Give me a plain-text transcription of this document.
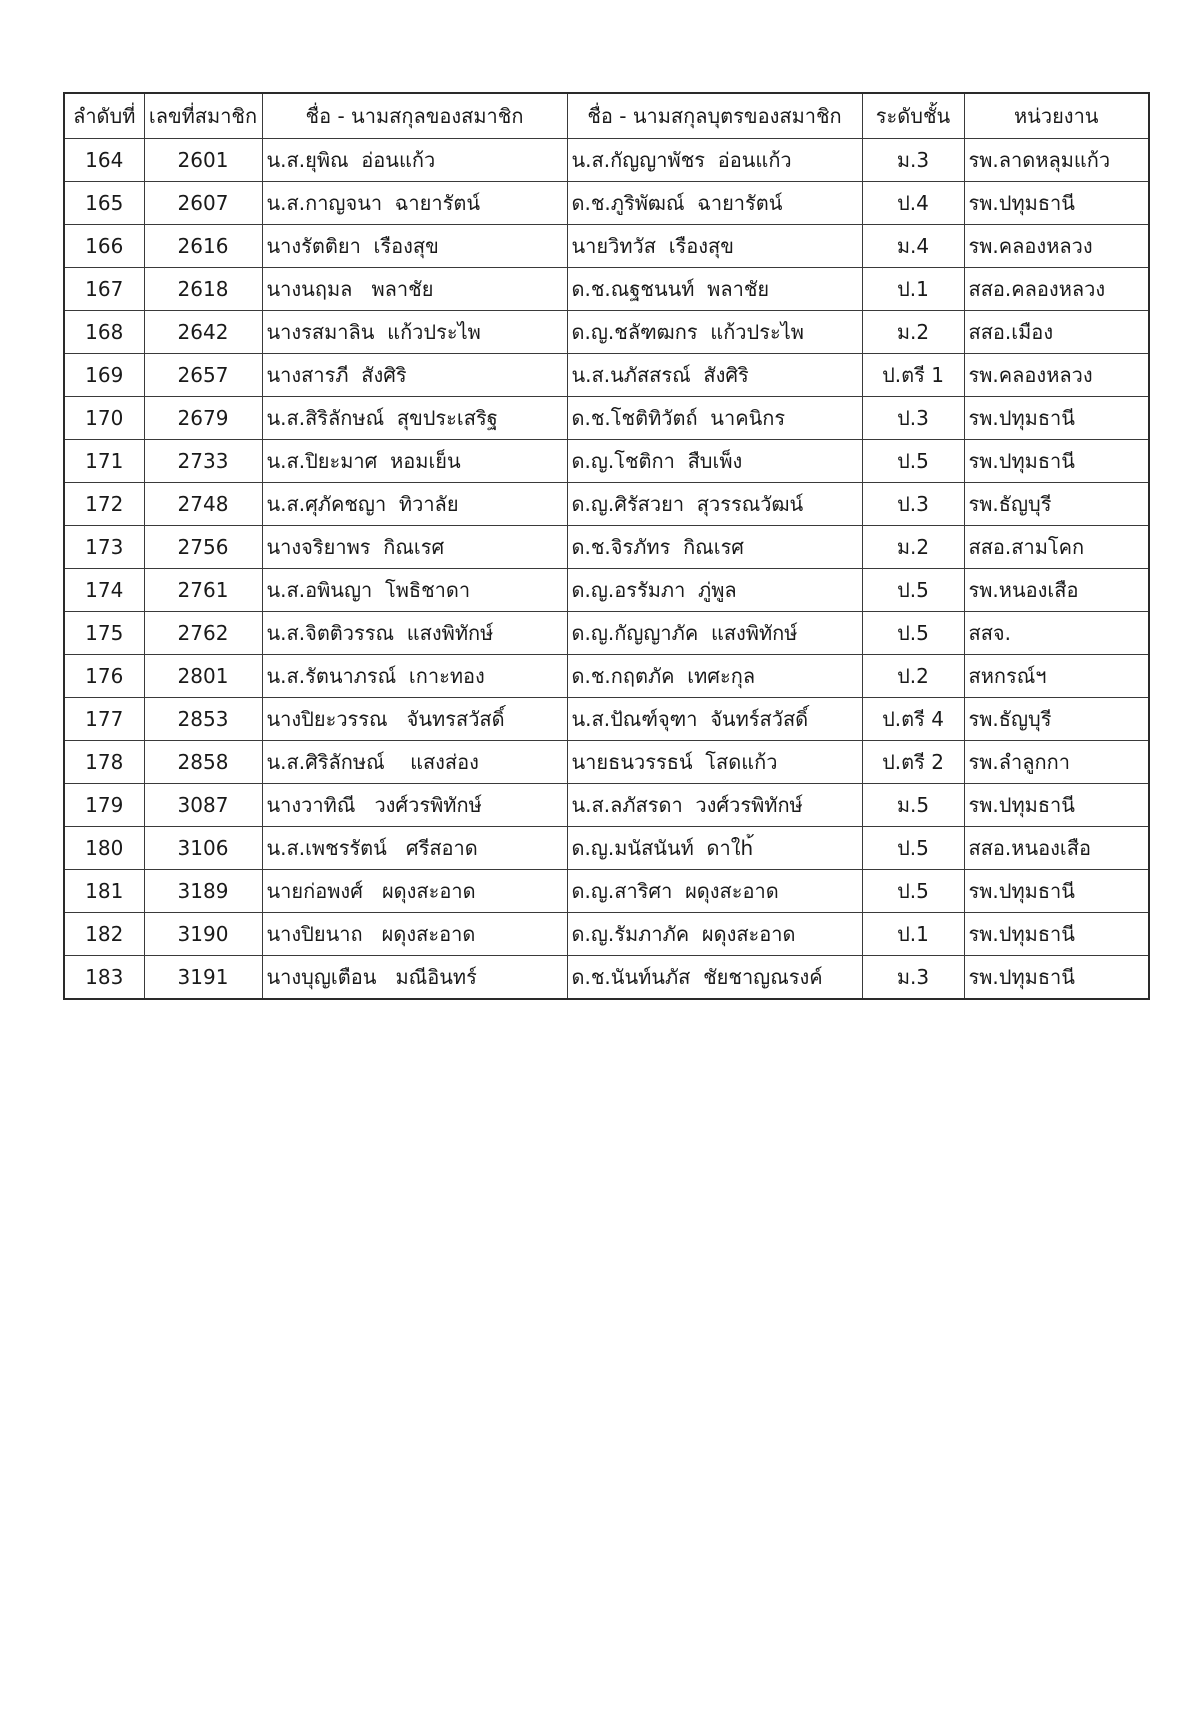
ลำดับที่	เลขที่สมาชิก	ชื่อ - นามสกุลของสมาชิก	ชื่อ - นามสกุลบุตรของสมาชิก	ระดับชั้น	หน่วยงาน
164	2601	น.ส.ยุพิณ  อ่อนแก้ว	น.ส.กัญญาพัชร  อ่อนแก้ว	ม.3	รพ.ลาดหลุมแก้ว
165	2607	น.ส.กาญจนา  ฉายารัตน์	ด.ช.ภูริพัฒณ์  ฉายารัตน์	ป.4	รพ.ปทุมธานี
166	2616	นางรัตติยา  เรืองสุข	นายวิทวัส  เรืองสุข	ม.4	รพ.คลองหลวง
167	2618	นางนฤมล   พลาชัย	ด.ช.ณฐชนนท์  พลาชัย	ป.1	สสอ.คลองหลวง
168	2642	นางรสมาลิน  แก้วประไพ	ด.ญ.ชลัฑฒกร  แก้วประไพ	ม.2	สสอ.เมือง
169	2657	นางสารภี  สังศิริ	น.ส.นภัสสรณ์  สังศิริ	ป.ตรี 1	รพ.คลองหลวง
170	2679	น.ส.สิริลักษณ์  สุขประเสริฐ	ด.ช.โชติทิวัตถ์  นาคนิกร	ป.3	รพ.ปทุมธานี
171	2733	น.ส.ปิยะมาศ  หอมเย็น	ด.ญ.โชติกา  สืบเพ็ง	ป.5	รพ.ปทุมธานี
172	2748	น.ส.ศุภัคชญา  ทิวาลัย	ด.ญ.ศิรัสวยา  สุวรรณวัฒน์	ป.3	รพ.ธัญบุรี
173	2756	นางจริยาพร  กิณเรศ	ด.ช.จิรภัทร  กิณเรศ	ม.2	สสอ.สามโคก
174	2761	น.ส.อพินญา  โพธิชาดา	ด.ญ.อรรัมภา  ภู่พูล	ป.5	รพ.หนองเสือ
175	2762	น.ส.จิตติวรรณ  แสงพิทักษ์	ด.ญ.กัญญาภัค  แสงพิทักษ์	ป.5	สสจ.
176	2801	น.ส.รัตนาภรณ์  เกาะทอง	ด.ช.กฤตภัค  เทศะกุล	ป.2	สหกรณ์ฯ
177	2853	นางปิยะวรรณ   จันทรสวัสดิ์	น.ส.ปัณฑ์จุฑา  จันทร์สวัสดิ์	ป.ตรี 4	รพ.ธัญบุรี
178	2858	น.ส.ศิริลักษณ์    แสงส่อง	นายธนวรรธน์  โสดแก้ว	ป.ตรี 2	รพ.ลำลูกกา
179	3087	นางวาทิณี   วงศ์วรพิทักษ์	น.ส.ลภัสรดา  วงศ์วรพิทักษ์	ม.5	รพ.ปทุมธานี
180	3106	น.ส.เพชรรัตน์   ศรีสอาด	ด.ญ.มนัสนันท์  ดาใh้	ป.5	สสอ.หนองเสือ
181	3189	นายก่อพงศ์   ผดุงสะอาด	ด.ญ.สาริศา  ผดุงสะอาด	ป.5	รพ.ปทุมธานี
182	3190	นางปิยนาถ   ผดุงสะอาด	ด.ญ.รัมภาภัค  ผดุงสะอาด	ป.1	รพ.ปทุมธานี
183	3191	นางบุญเตือน   มณีอินทร์	ด.ช.นันท์นภัส  ชัยชาญณรงค์	ม.3	รพ.ปทุมธานี
